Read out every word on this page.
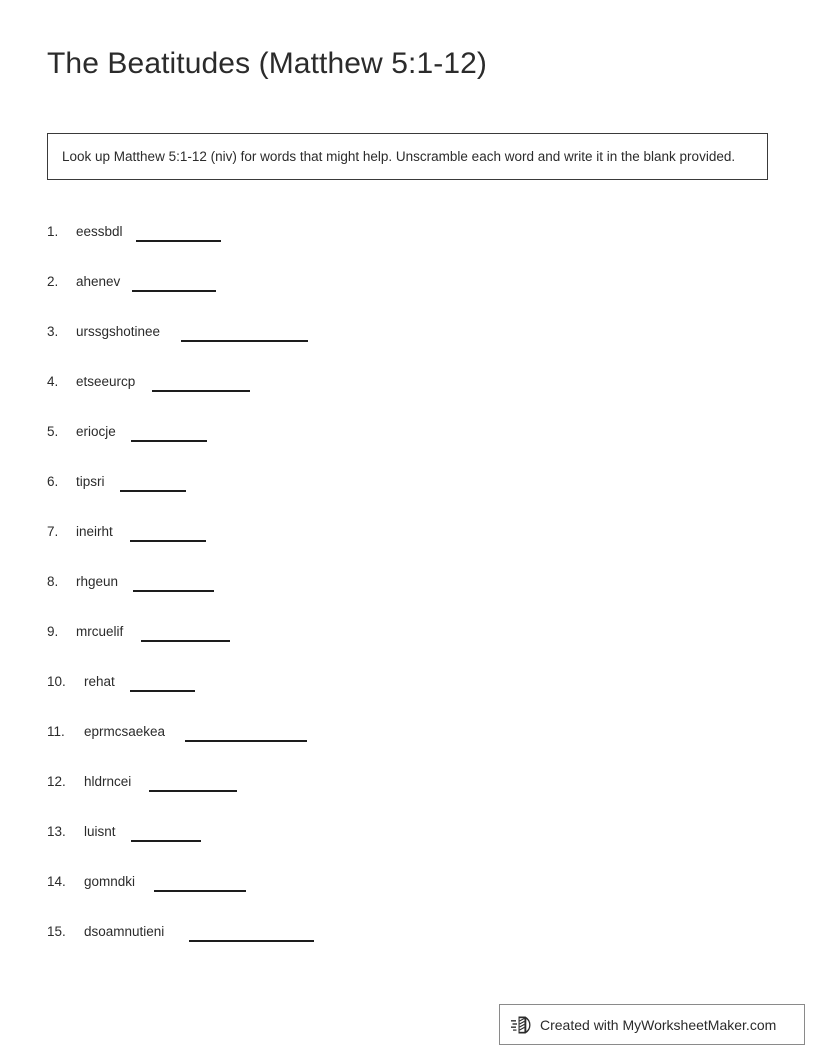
The Beatitudes (Matthew 5:1-12)
Look up Matthew 5:1-12 (niv) for words that might help. Unscramble each word and write it in the blank provided.
1. eessbdl
2. ahenev
3. urssgshotinee
4. etseeurcp
5. eriocje
6. tipsri
7. ineirht
8. rhgeun
9. mrcuelif
10. rehat
11. eprmcsaekea
12. hldrncei
13. luisnt
14. gomndki
15. dsoamnutieni
Created with MyWorksheetMaker.com
